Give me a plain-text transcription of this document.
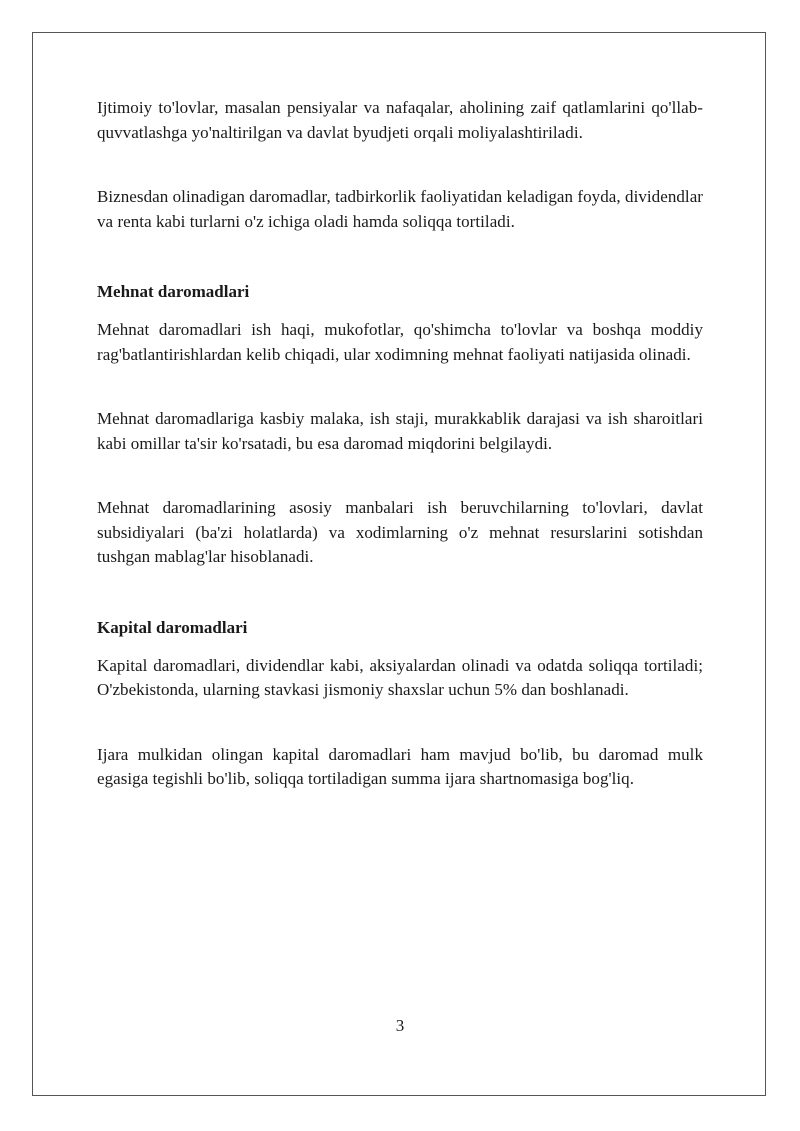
Ijtimoiy to'lovlar, masalan pensiyalar va nafaqalar, aholining zaif qatlamlarini qo'llab-quvvatlashga yo'naltirilgan va davlat byudjeti orqali moliyalashtiriladi.

Biznesdan olinadigan daromadlar, tadbirkorlik faoliyatidan keladigan foyda, dividendlar va renta kabi turlarni o'z ichiga oladi hamda soliqqa tortiladi.

Mehnat daromadlari

Mehnat daromadlari ish haqi, mukofotlar, qo'shimcha to'lovlar va boshqa moddiy rag'batlantirishlardan kelib chiqadi, ular xodimning mehnat faoliyati natijasida olinadi.

Mehnat daromadlariga kasbiy malaka, ish staji, murakkablik darajasi va ish sharoitlari kabi omillar ta'sir ko'rsatadi, bu esa daromad miqdorini belgilaydi.

Mehnat daromadlarining asosiy manbalari ish beruvchilarning to'lovlari, davlat subsidiyalari (ba'zi holatlarda) va xodimlarning o'z mehnat resurslarini sotishdan tushgan mablag'lar hisoblanadi.

Kapital daromadlari

Kapital daromadlari, dividendlar kabi, aksiyalardan olinadi va odatda soliqqa tortiladi; O'zbekistonda, ularning stavkasi jismoniy shaxslar uchun 5% dan boshlanadi.

Ijara mulkidan olingan kapital daromadlari ham mavjud bo'lib, bu daromad mulk egasiga tegishli bo'lib, soliqqa tortiladigan summa ijara shartnomasiga bog'liq.

3
